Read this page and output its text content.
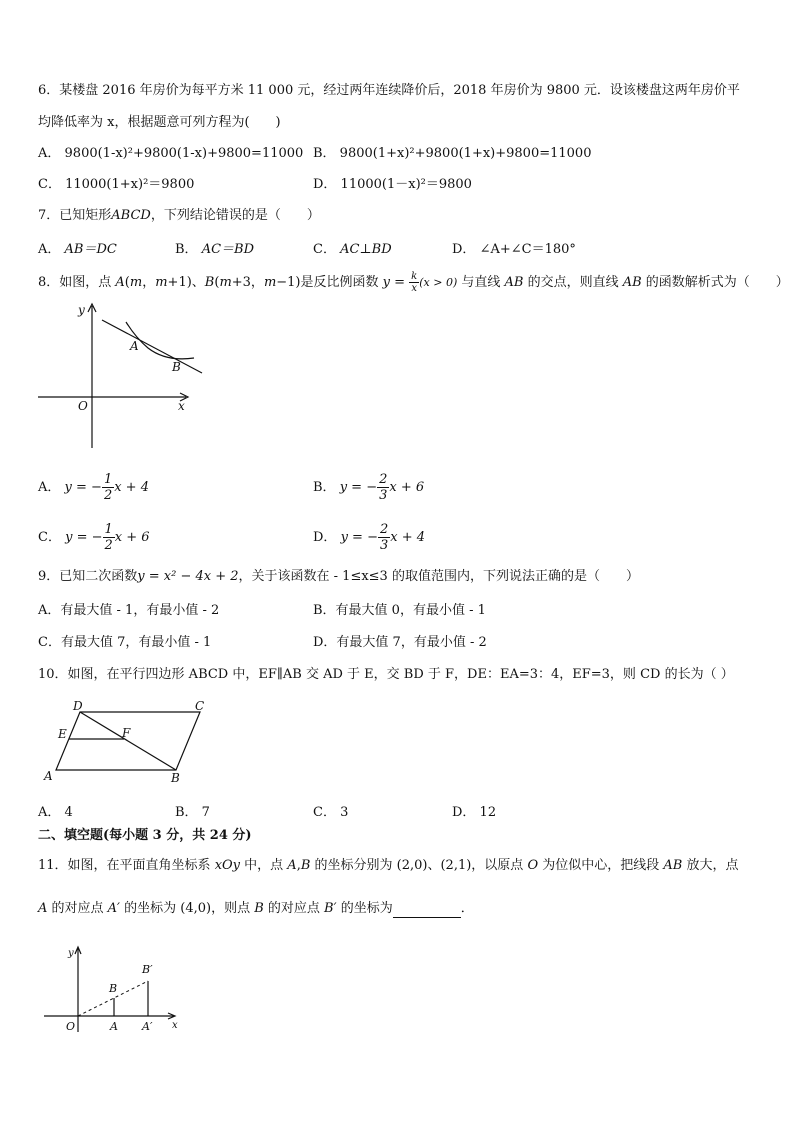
6．某楼盘 2016 年房价为每平方米 11 000 元，经过两年连续降价后，2018 年房价为 9800 元．设该楼盘这两年房价平
均降低率为 x，根据题意可列方程为(　　)
A． 9800(1-x)²+9800(1-x)+9800=11000 B． 9800(1+x)²+9800(1+x)+9800=11000
C． 11000(1+x)²＝9800	D． 11000(1－x)²＝9800
7．已知矩形ABCD，下列结论错误的是（　　）
A． AB＝DC	B． AC＝BD	C． AC⊥BD	D． ∠A+∠C＝180°
8．如图，点 A(m，m+1)、B(m+3，m−1)是反比例函数 $y = \frac{k}{x} (x > 0)$ 与直线 AB 的交点，则直线 AB 的函数解析式为（　　）
y
x
O
A
B
A． y = − $\frac{1}{2}$ x + 4	B． y = − $\frac{2}{3}$ x + 6
C． y = − $\frac{1}{2}$ x + 6	D． y = − $\frac{2}{3}$ x + 4
9．已知二次函数y = x² − 4x + 2，关于该函数在 - 1≤x≤3 的取值范围内，下列说法正确的是（　　）
A．有最大值 - 1，有最小值 - 2	B．有最大值 0，有最小值 - 1
C．有最大值 7，有最小值 - 1	D．有最大值 7，有最小值 - 2
10．如图，在平行四边形 ABCD 中，EF∥AB 交 AD 于 E，交 BD 于 F，DE：EA=3：4，EF=3，则 CD 的长为（ ）
A	B
C
D
E	F
A． 4	B． 7	C． 3	D． 12
二、填空题(每小题 3 分，共 24 分)
11．如图，在平面直角坐标系 xOy 中，点 A,B 的坐标分别为 (2,0)、(2,1)，以原点 O 为位似中心，把线段 AB 放大，点
A 的对应点 A′ 的坐标为 (4,0)，则点 B 的对应点 B′ 的坐标为	．
y
x
O	A A′
B
B′
